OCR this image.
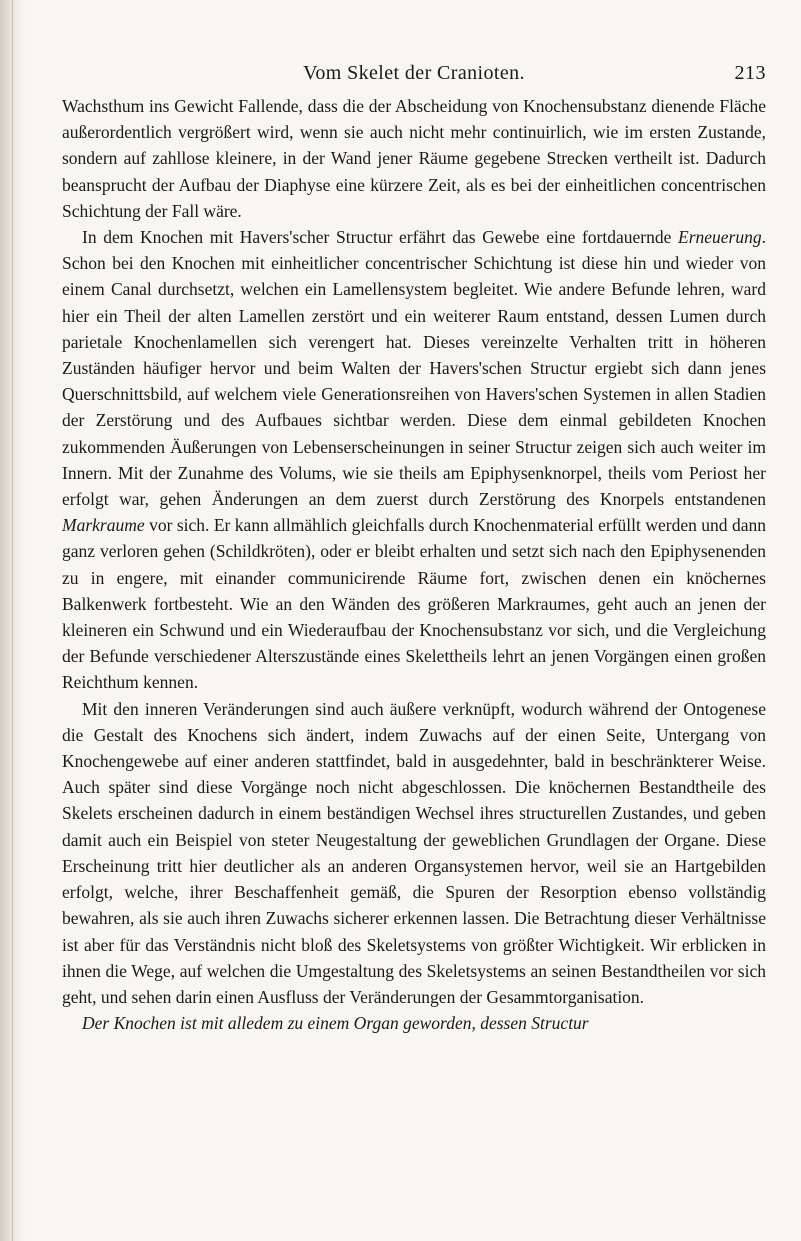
Vom Skelet der Cranioten.	213

Wachsthum ins Gewicht Fallende, dass die der Abscheidung von Knochensubstanz dienende Fläche außerordentlich vergrößert wird, wenn sie auch nicht mehr continuirlich, wie im ersten Zustande, sondern auf zahllose kleinere, in der Wand jener Räume gegebene Strecken vertheilt ist. Dadurch beansprucht der Aufbau der Diaphyse eine kürzere Zeit, als es bei der einheitlichen concentrischen Schichtung der Fall wäre.

In dem Knochen mit Havers'scher Structur erfährt das Gewebe eine fortdauernde Erneuerung. Schon bei den Knochen mit einheitlicher concentrischer Schichtung ist diese hin und wieder von einem Canal durchsetzt, welchen ein Lamellensystem begleitet. Wie andere Befunde lehren, ward hier ein Theil der alten Lamellen zerstört und ein weiterer Raum entstand, dessen Lumen durch parietale Knochenlamellen sich verengert hat. Dieses vereinzelte Verhalten tritt in höheren Zuständen häufiger hervor und beim Walten der Havers'schen Structur ergiebt sich dann jenes Querschnittsbild, auf welchem viele Generationsreihen von Havers'schen Systemen in allen Stadien der Zerstörung und des Aufbaues sichtbar werden. Diese dem einmal gebildeten Knochen zukommenden Äußerungen von Lebenserscheinungen in seiner Structur zeigen sich auch weiter im Innern. Mit der Zunahme des Volums, wie sie theils am Epiphysenknorpel, theils vom Periost her erfolgt war, gehen Änderungen an dem zuerst durch Zerstörung des Knorpels entstandenen Markraume vor sich. Er kann allmählich gleichfalls durch Knochenmaterial erfüllt werden und dann ganz verloren gehen (Schildkröten), oder er bleibt erhalten und setzt sich nach den Epiphysenenden zu in engere, mit einander communicirende Räume fort, zwischen denen ein knöchernes Balkenwerk fortbesteht. Wie an den Wänden des größeren Markraumes, geht auch an jenen der kleineren ein Schwund und ein Wiederaufbau der Knochensubstanz vor sich, und die Vergleichung der Befunde verschiedener Alterszustände eines Skelettheils lehrt an jenen Vorgängen einen großen Reichthum kennen.

Mit den inneren Veränderungen sind auch äußere verknüpft, wodurch während der Ontogenese die Gestalt des Knochens sich ändert, indem Zuwachs auf der einen Seite, Untergang von Knochengewebe auf einer anderen stattfindet, bald in ausgedehnter, bald in beschränkterer Weise. Auch später sind diese Vorgänge noch nicht abgeschlossen. Die knöchernen Bestandtheile des Skelets erscheinen dadurch in einem beständigen Wechsel ihres structurellen Zustandes, und geben damit auch ein Beispiel von steter Neugestaltung der geweblichen Grundlagen der Organe. Diese Erscheinung tritt hier deutlicher als an anderen Organsystemen hervor, weil sie an Hartgebilden erfolgt, welche, ihrer Beschaffenheit gemäß, die Spuren der Resorption ebenso vollständig bewahren, als sie auch ihren Zuwachs sicherer erkennen lassen. Die Betrachtung dieser Verhältnisse ist aber für das Verständnis nicht bloß des Skeletsystems von größter Wichtigkeit. Wir erblicken in ihnen die Wege, auf welchen die Umgestaltung des Skeletsystems an seinen Bestandtheilen vor sich geht, und sehen darin einen Ausfluss der Veränderungen der Gesammtorganisation.

Der Knochen ist mit alledem zu einem Organ geworden, dessen Structur
